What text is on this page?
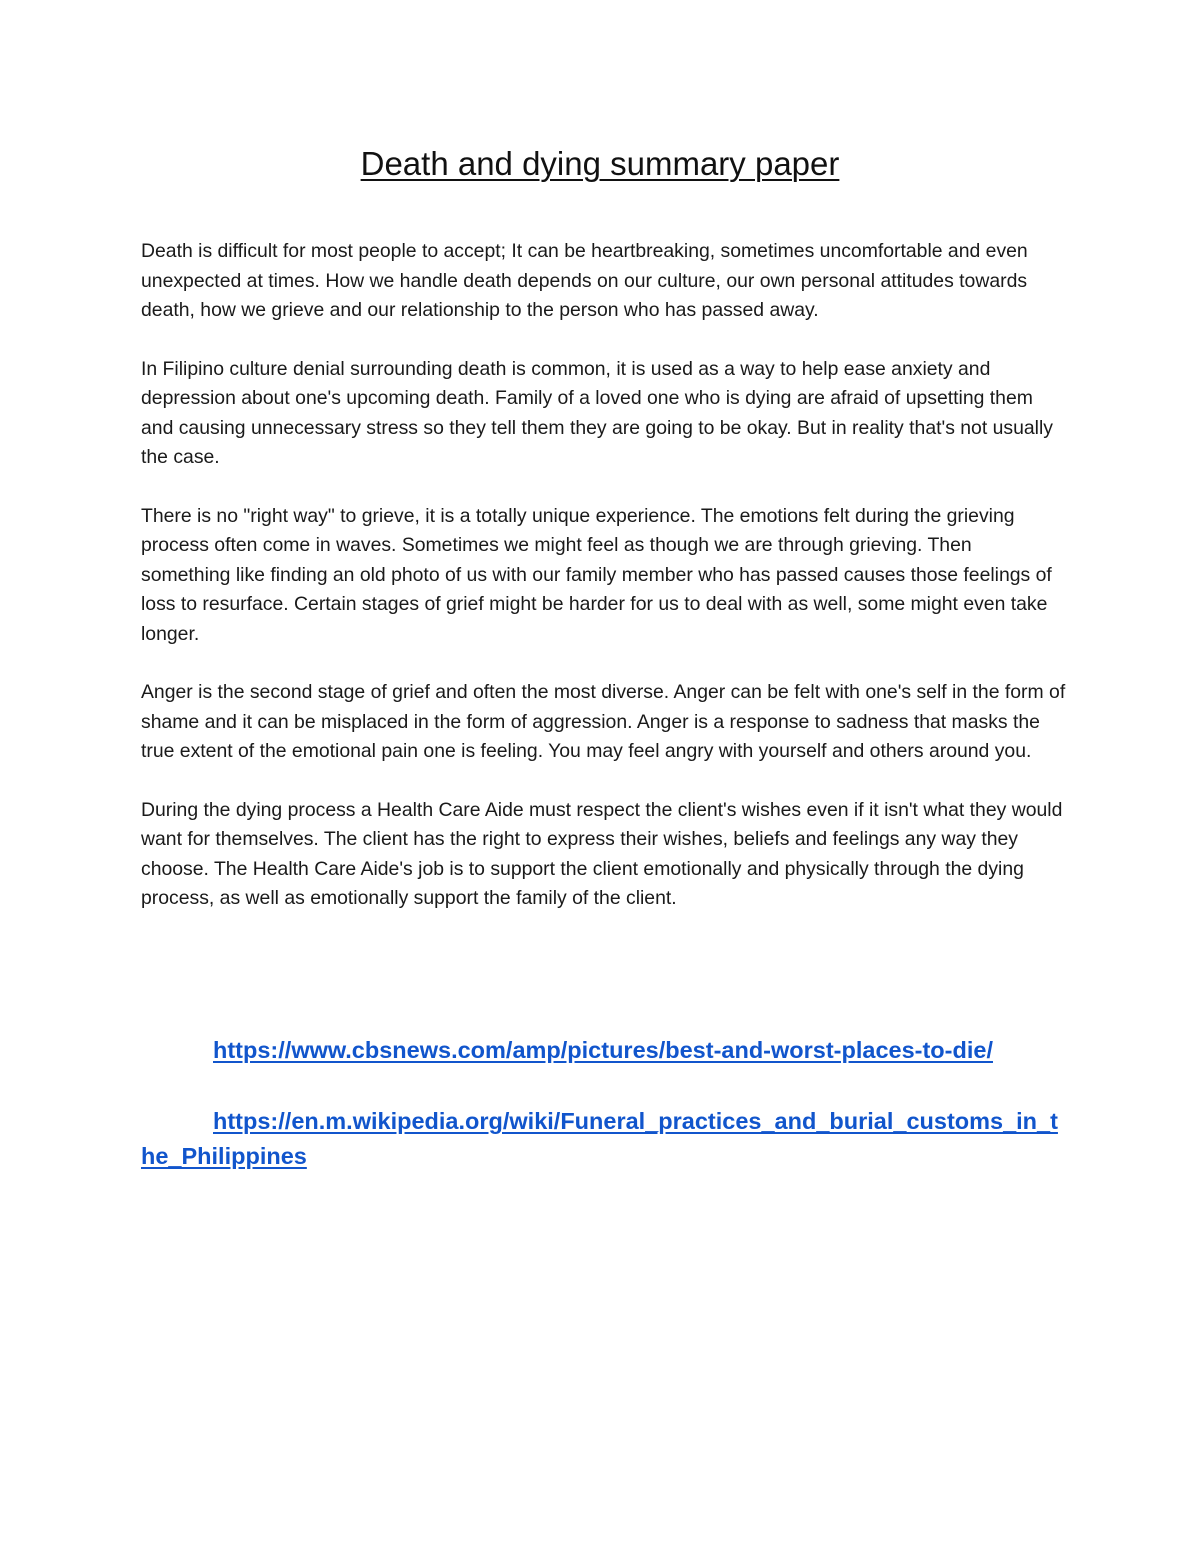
Death and dying summary paper

Death is difficult for most people to accept; It can be heartbreaking, sometimes uncomfortable and even unexpected at times. How we handle death depends on our culture, our own personal attitudes towards death, how we grieve and our relationship to the person who has passed away.

In Filipino culture denial surrounding death is common, it is used as a way to help ease anxiety and depression about one's upcoming death. Family of a loved one who is dying are afraid of upsetting them and causing unnecessary stress so they tell them they are going to be okay. But in reality that's not usually the case.

There is no "right way" to grieve, it is a totally unique experience. The emotions felt during the grieving process often come in waves. Sometimes we might feel as though we are through grieving. Then something like finding an old photo of us with our family member who has passed causes those feelings of loss to resurface. Certain stages of grief might be harder for us to deal with as well, some might even take longer.

Anger is the second stage of grief and often the most diverse. Anger can be felt with one's self in the form of shame and it can be misplaced in the form of aggression. Anger is a response to sadness that masks the true extent of the emotional pain one is feeling. You may feel angry with yourself and others around you.

During the dying process a Health Care Aide must respect the client's wishes even if it isn't what they would want for themselves. The client has the right to express their wishes, beliefs and feelings any way they choose. The Health Care Aide's job is to support the client emotionally and physically through the dying process, as well as emotionally support the family of the client.

https://www.cbsnews.com/amp/pictures/best-and-worst-places-to-die/
https://en.m.wikipedia.org/wiki/Funeral_practices_and_burial_customs_in_the_Philippines
